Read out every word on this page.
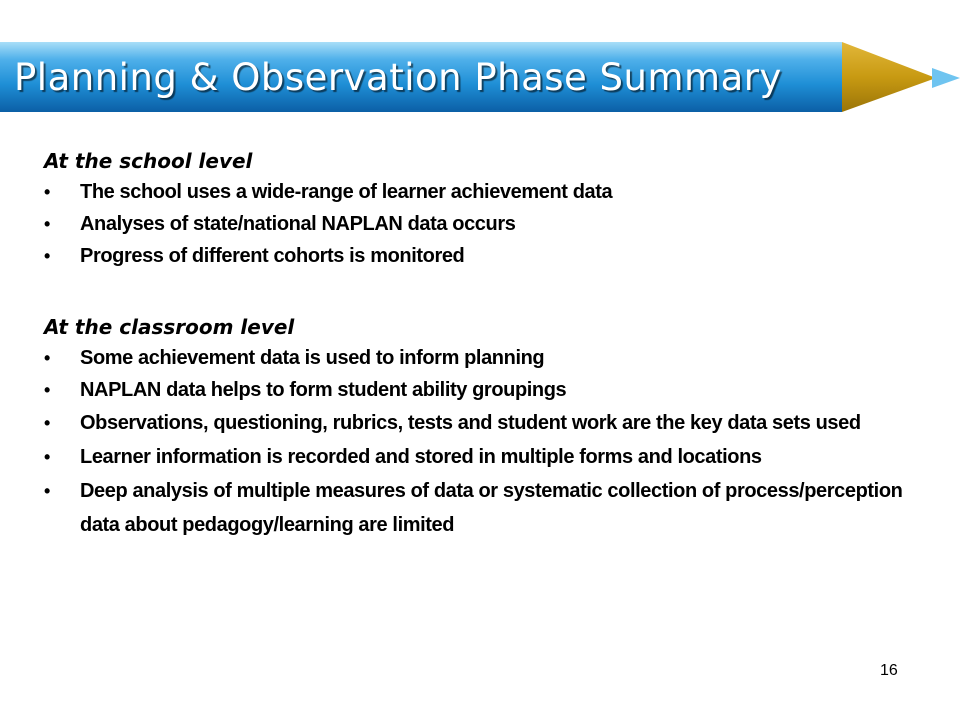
Planning & Observation Phase Summary
At the school level
• The school uses a wide-range of learner achievement data
• Analyses of state/national NAPLAN data occurs
• Progress of different cohorts is monitored
At the classroom level
• Some achievement data is used to inform planning
• NAPLAN data helps to form student ability groupings
• Observations, questioning, rubrics, tests and student work are the key data sets used
• Learner information is recorded and stored in multiple forms and locations
• Deep analysis of multiple measures of data or systematic collection of process/perception data about pedagogy/learning are limited
16
